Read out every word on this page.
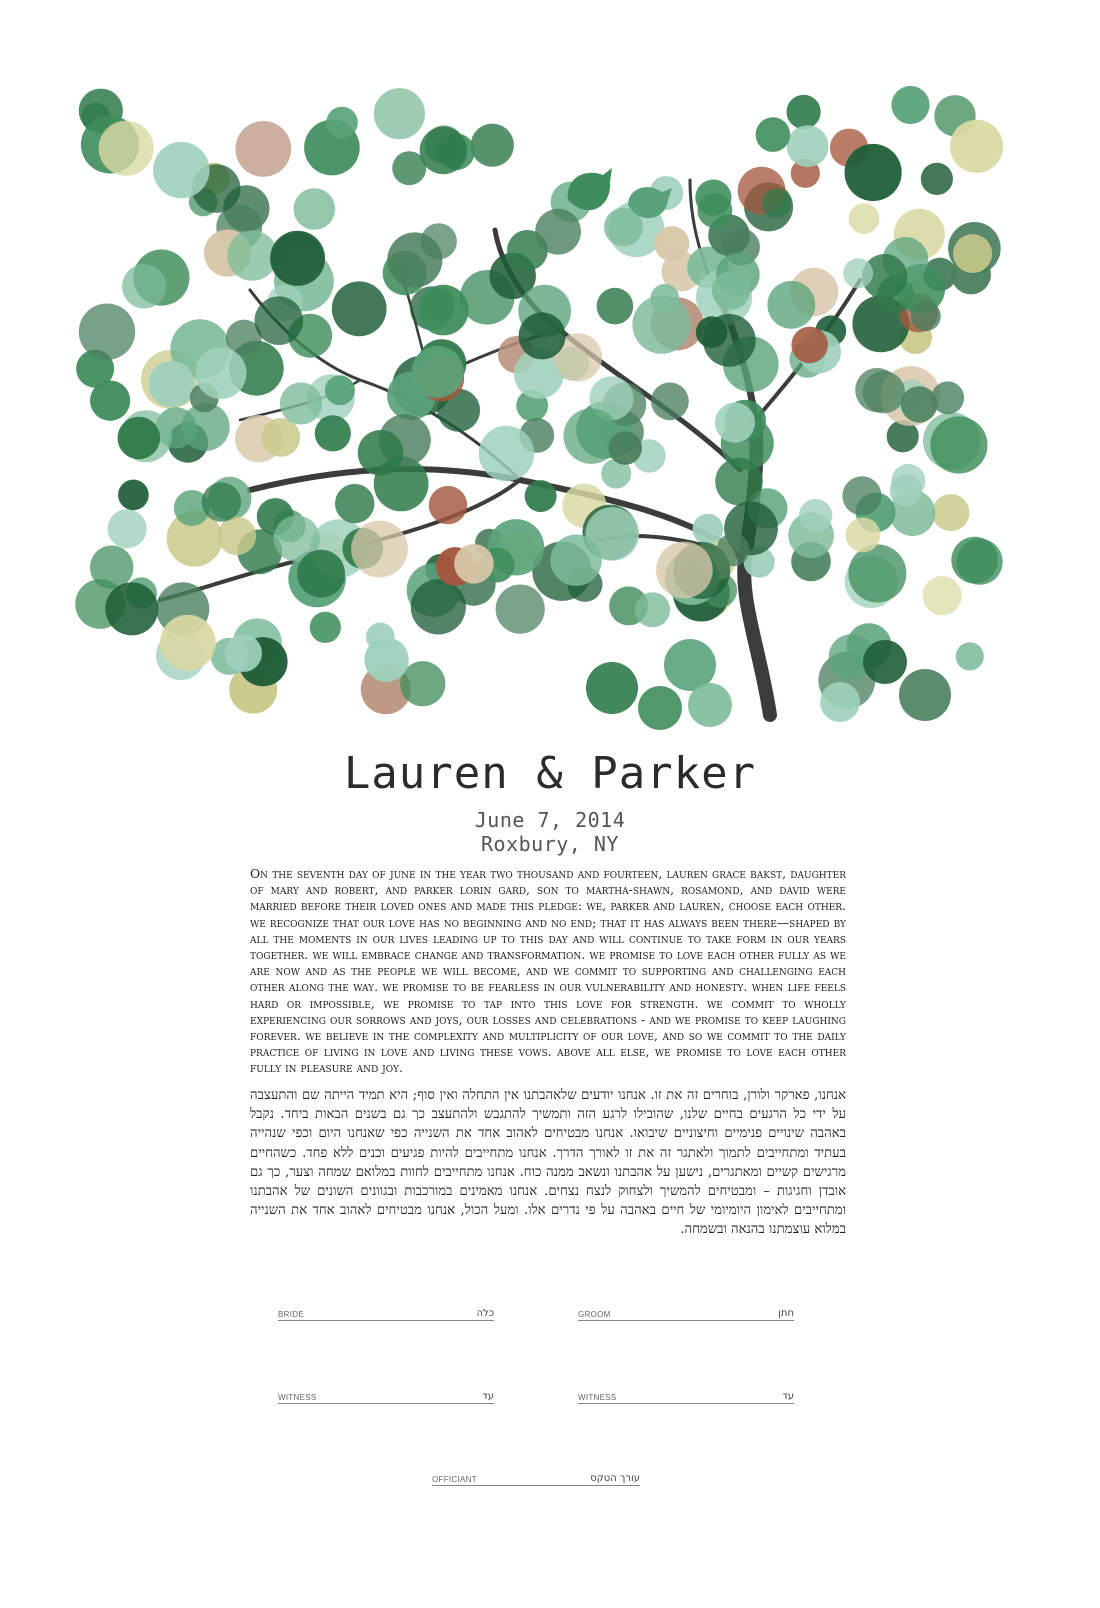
Lauren & Parker
June 7, 2014
Roxbury, NY
On the seventh day of june in the year two thousand and fourteen, lauren grace bakst, daughter of mary and robert, and parker lorin gard, son to martha-shawn, rosamond, and david were married before their loved ones and made this pledge: we, parker and lauren, choose each other. we recognize that our love has no beginning and no end; that it has always been there—shaped by all the moments in our lives leading up to this day and will continue to take form in our years together. we will embrace change and transformation. we promise to love each other fully as we are now and as the people we will become, and we commit to supporting and challenging each other along the way. we promise to be fearless in our vulnerability and honesty. when life feels hard or impossible, we promise to tap into this love for strength. we commit to wholly experiencing our sorrows and joys, our losses and celebrations - and we promise to keep laughing forever. we believe in the complexity and multiplicity of our love, and so we commit to the daily practice of living in love and living these vows. above all else, we promise to love each other fully in pleasure and joy.
אנחנו, פארקר ולורן, בוחרים זה את זו. אנחנו יודעים שלאהבתנו אין התחלה ואין סוף; היא תמיד הייתה שם והתעצבה על ידי כל הרגעים בחיים שלנו, שהובילו לרגע הזה ותמשיך להתגבש ולהתעצב כך גם בשנים הבאות ביחד. נקבל באהבה שינויים פנימיים וחיצוניים שיבואו. אנחנו מבטיחים לאהוב אחד את השנייה כפי שאנחנו היום וכפי שנהייה בעתיד ומתחייבים לתמוך ולאתגר זה את זו לאורך הדרך. אנחנו מתחייבים להיות פגיעים וכנים ללא פחד. כשהחיים מרגישים קשיים ומאתגרים, נישען על אהבתנו ונשאב ממנה כוח. אנחנו מתחייבים לחוות במלואם שמחה וצער, כך גם אובדן וחגיגות – ומבטיחים להמשיך ולצחוק לנצח נצחים. אנחנו מאמינים במורכבות ובגוונים השונים של אהבתנו ומתחייבים לאימון היומיומי של חיים באהבה על פי נדרים אלו. ומעל הכול, אנחנו מבטיחים לאהוב אחד את השנייה במלוא עוצמתנו בהנאה ובשמחה.
BRIDE	כלה	GROOM	חתן
WITNESS	עד	WITNESS	עד
OFFICIANT	עורך הטקס
